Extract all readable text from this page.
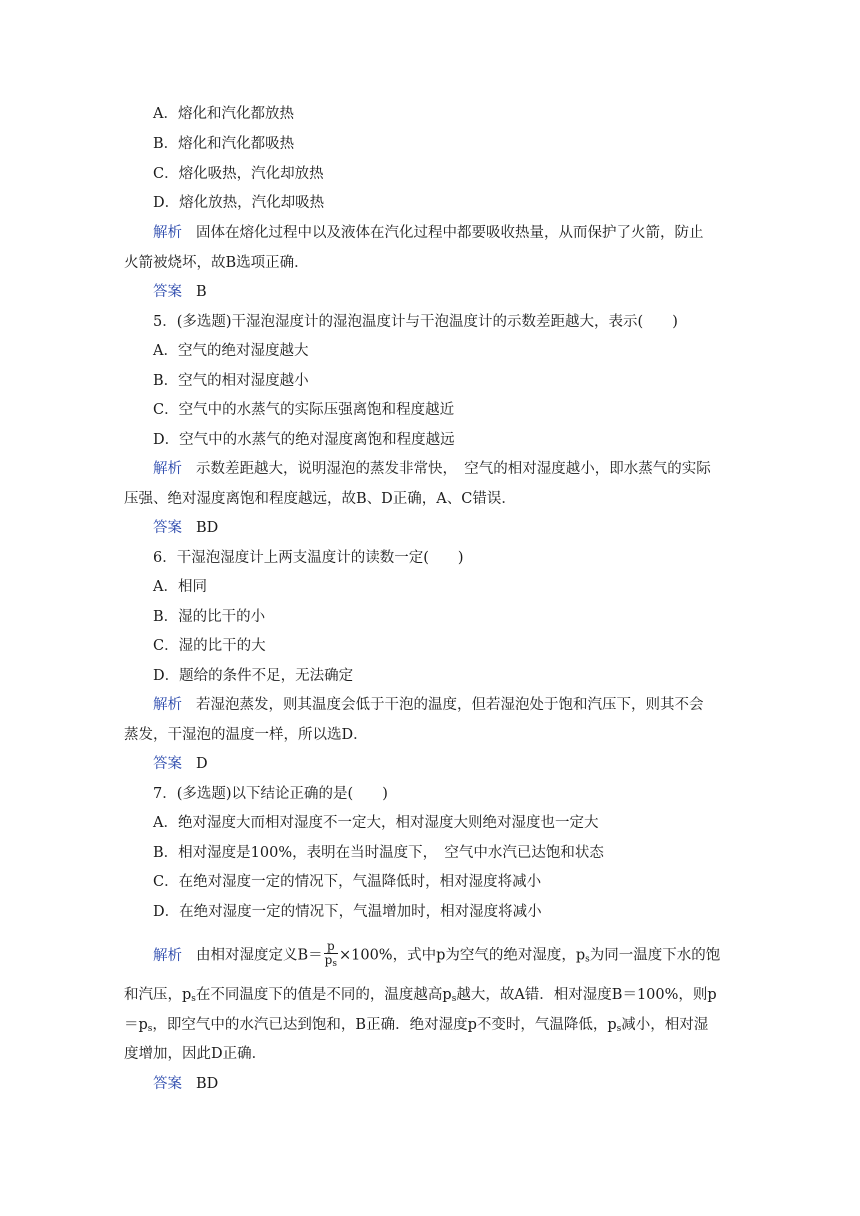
A．熔化和汽化都放热
B．熔化和汽化都吸热
C．熔化吸热，汽化却放热
D．熔化放热，汽化却吸热
解析 固体在熔化过程中以及液体在汽化过程中都要吸收热量，从而保护了火箭，防止
火箭被烧坏，故B选项正确．
答案 B
5．(多选题)干湿泡湿度计的湿泡温度计与干泡温度计的示数差距越大，表示(　　)
A．空气的绝对湿度越大
B．空气的相对湿度越小
C．空气中的水蒸气的实际压强离饱和程度越近
D．空气中的水蒸气的绝对湿度离饱和程度越远
解析 示数差距越大，说明湿泡的蒸发非常快，　空气的相对湿度越小，即水蒸气的实际
压强、绝对湿度离饱和程度越远，故B、D正确，A、C错误．
答案 BD
6．干湿泡湿度计上两支温度计的读数一定(　　)
A．相同
B．湿的比干的小
C．湿的比干的大
D．题给的条件不足，无法确定
解析 若湿泡蒸发，则其温度会低于干泡的温度，但若湿泡处于饱和汽压下，则其不会
蒸发，干湿泡的温度一样，所以选D．
答案 D
7．(多选题)以下结论正确的是(　　)
A．绝对湿度大而相对湿度不一定大，相对湿度大则绝对湿度也一定大
B．相对湿度是100%，表明在当时温度下，　空气中水汽已达饱和状态
C．在绝对湿度一定的情况下，气温降低时，相对湿度将减小
D．在绝对湿度一定的情况下，气温增加时，相对湿度将减小
解析 由相对湿度定义$B= \frac{p}{p_s} \times 100\%$，式中p为空气的绝对湿度，$p_s$为同一温度下水的饱
和汽压，$p_s$在不同温度下的值是不同的，温度越高$p_s$越大，故A错．相对湿度B＝100%，则p
$=p_s$，即空气中的水汽已达到饱和，B正确．绝对湿度p不变时，气温降低，$p_s$减小，相对湿
度增加，因此D正确．
答案 BD
